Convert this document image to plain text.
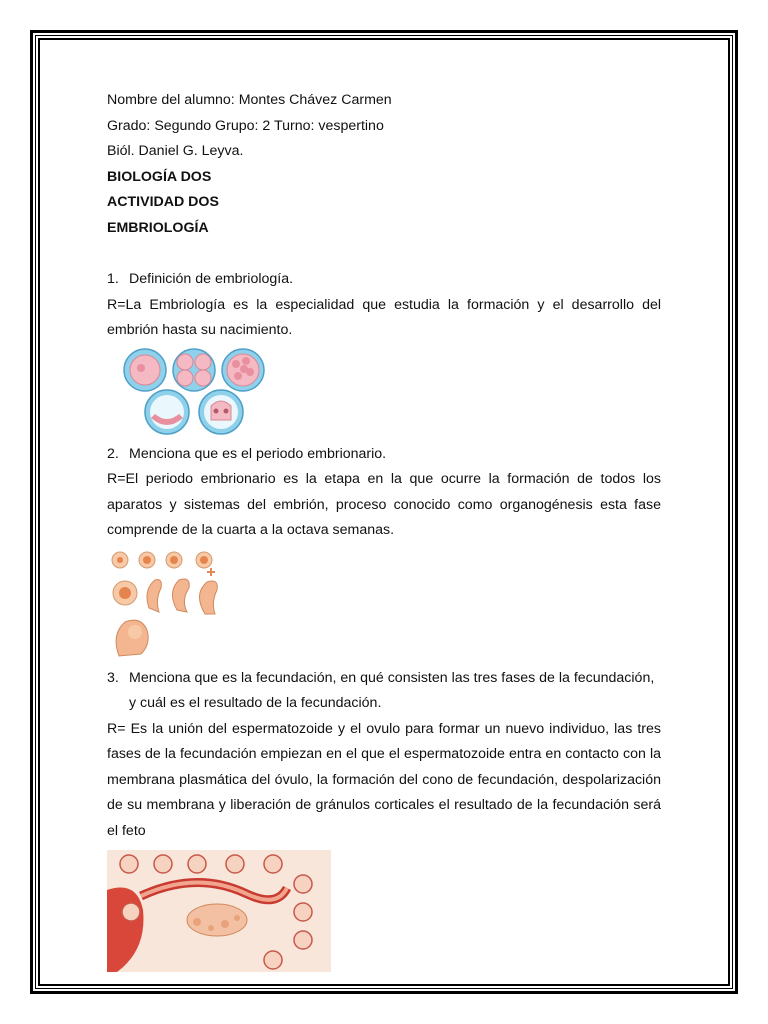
Nombre del alumno: Montes Chávez Carmen
Grado: Segundo Grupo: 2 Turno: vespertino
Biól. Daniel G. Leyva.
BIOLOGÍA DOS
ACTIVIDAD DOS
EMBRIOLOGÍA
1. Definición de embriología.

R=La Embriología es la especialidad que estudia la formación y el desarrollo del embrión hasta su nacimiento.

2. Menciona que es el periodo embrionario.

R=El periodo embrionario es la etapa en la que ocurre la formación de todos los aparatos y sistemas del embrión, proceso conocido como organogénesis esta fase comprende de la cuarta a la octava semanas.

3. Menciona que es la fecundación, en qué consisten las tres fases de la fecundación, y cuál es el resultado de la fecundación.

R= Es la unión del espermatozoide y el ovulo para formar un nuevo individuo, las tres fases de la fecundación empiezan en el que el espermatozoide entra en contacto con la membrana plasmática del óvulo, la formación del cono de fecundación, despolarización de su membrana y liberación de gránulos corticales el resultado de la fecundación será el feto
